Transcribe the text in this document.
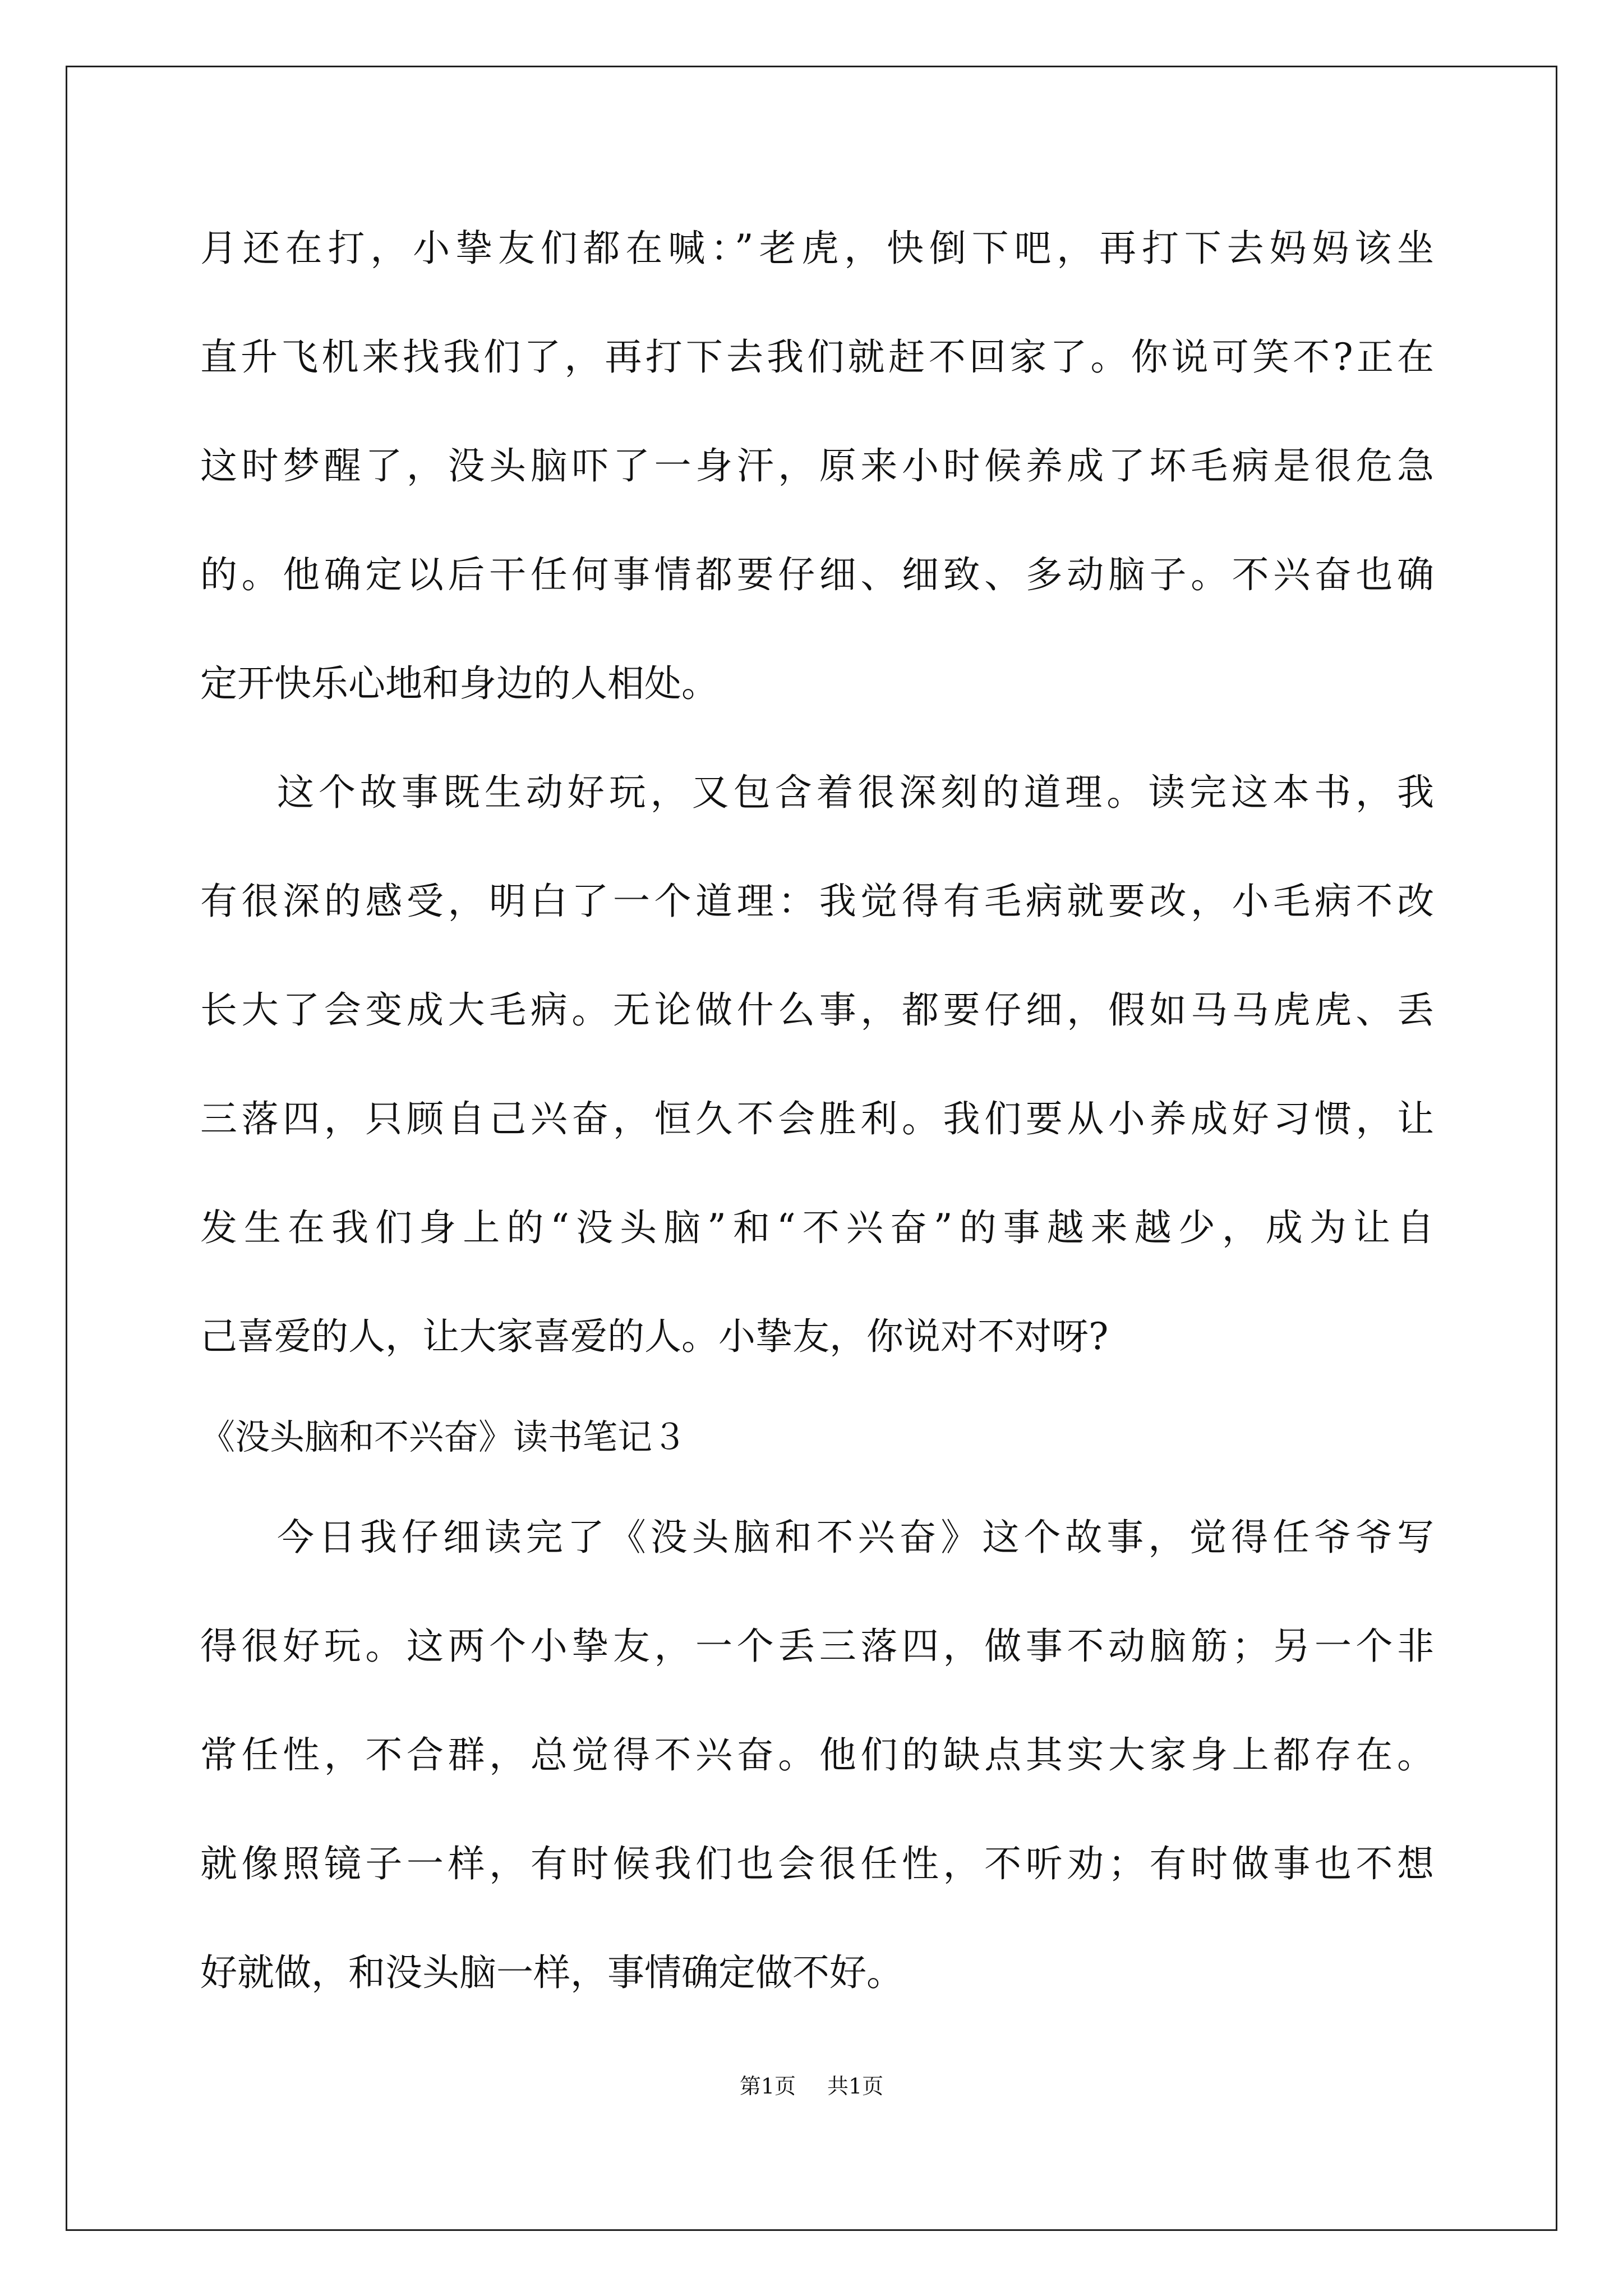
月还在打，小挚友们都在喊：”老虎，快倒下吧，再打下去妈妈该坐

直升飞机来找我们了，再打下去我们就赶不回家了。你说可笑不?正在

这时梦醒了，没头脑吓了一身汗，原来小时候养成了坏毛病是很危急

的。他确定以后干任何事情都要仔细、细致、多动脑子。不兴奋也确

定开快乐心地和身边的人相处。

这个故事既生动好玩，又包含着很深刻的道理。读完这本书，我

有很深的感受，明白了一个道理：我觉得有毛病就要改，小毛病不改

长大了会变成大毛病。无论做什么事，都要仔细，假如马马虎虎、丢

三落四，只顾自己兴奋，恒久不会胜利。我们要从小养成好习惯，让

发生在我们身上的“没头脑”和“不兴奋”的事越来越少，成为让自

己喜爱的人，让大家喜爱的人。小挚友，你说对不对呀?

《没头脑和不兴奋》读书笔记３

今日我仔细读完了《没头脑和不兴奋》这个故事，觉得任爷爷写

得很好玩。这两个小挚友，一个丢三落四，做事不动脑筋；另一个非

常任性，不合群，总觉得不兴奋。他们的缺点其实大家身上都存在。

就像照镜子一样，有时候我们也会很任性，不听劝；有时做事也不想

好就做，和没头脑一样，事情确定做不好。

第1页 共1页
